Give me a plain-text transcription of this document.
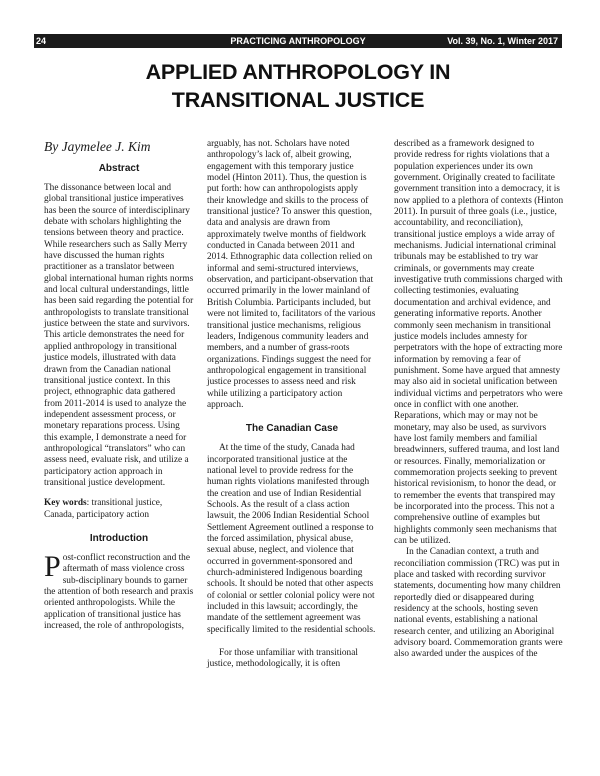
24	PRACTICING ANTHROPOLOGY	Vol. 39, No. 1, Winter 2017
APPLIED ANTHROPOLOGY IN
TRANSITIONAL JUSTICE
By Jaymelee J. Kim
Abstract

The dissonance between local and global transitional justice imperatives has been the source of interdisciplinary debate with scholars highlighting the tensions between theory and practice. While researchers such as Sally Merry have discussed the human rights practitioner as a translator between global international human rights norms and local cultural understandings, little has been said regarding the potential for anthropologists to translate transitional justice between the state and survivors. This article demonstrates the need for applied anthropology in transitional justice models, illustrated with data drawn from the Canadian national transitional justice context. In this project, ethnographic data gathered from 2011-2014 is used to analyze the independent assessment process, or monetary reparations process. Using this example, I demonstrate a need for anthropological “translators” who can assess need, evaluate risk, and utilize a participatory action approach in transitional justice development.

Key words: transitional justice, Canada, participatory action

Introduction

Post-conflict reconstruction and the aftermath of mass violence cross sub-disciplinary bounds to garner the attention of both research and praxis oriented anthropologists. While the application of transitional justice has increased, the role of anthropologists,

arguably, has not. Scholars have noted anthropology’s lack of, albeit growing, engagement with this temporary justice model (Hinton 2011). Thus, the question is put forth: how can anthropologists apply their knowledge and skills to the process of transitional justice? To answer this question, data and analysis are drawn from approximately twelve months of fieldwork conducted in Canada between 2011 and 2014. Ethnographic data collection relied on informal and semi-structured interviews, observation, and participant-observation that occurred primarily in the lower mainland of British Columbia. Participants included, but were not limited to, facilitators of the various transitional justice mechanisms, religious leaders, Indigenous community leaders and members, and a number of grass-roots organizations. Findings suggest the need for anthropological engagement in transitional justice processes to assess need and risk while utilizing a participatory action approach.

The Canadian Case

At the time of the study, Canada had incorporated transitional justice at the national level to provide redress for the human rights violations manifested through the creation and use of Indian Residential Schools. As the result of a class action lawsuit, the 2006 Indian Residential School Settlement Agreement outlined a response to the forced assimilation, physical abuse, sexual abuse, neglect, and violence that occurred in government-sponsored and church-administered Indigenous boarding schools. It should be noted that other aspects of colonial or settler colonial policy were not included in this lawsuit; accordingly, the mandate of the settlement agreement was specifically limited to the residential schools.

For those unfamiliar with transitional justice, methodologically, it is often

described as a framework designed to provide redress for rights violations that a population experiences under its own government. Originally created to facilitate government transition into a democracy, it is now applied to a plethora of contexts (Hinton 2011). In pursuit of three goals (i.e., justice, accountability, and reconciliation), transitional justice employs a wide array of mechanisms. Judicial international criminal tribunals may be established to try war criminals, or governments may create investigative truth commissions charged with collecting testimonies, evaluating documentation and archival evidence, and generating informative reports. Another commonly seen mechanism in transitional justice models includes amnesty for perpetrators with the hope of extracting more information by removing a fear of punishment. Some have argued that amnesty may also aid in societal unification between individual victims and perpetrators who were once in conflict with one another. Reparations, which may or may not be monetary, may also be used, as survivors have lost family members and familial breadwinners, suffered trauma, and lost land or resources. Finally, memorialization or commemoration projects seeking to prevent historical revisionism, to honor the dead, or to remember the events that transpired may be incorporated into the process. This not a comprehensive outline of examples but highlights commonly seen mechanisms that can be utilized.

In the Canadian context, a truth and reconciliation commission (TRC) was put in place and tasked with recording survivor statements, documenting how many children reportedly died or disappeared during residency at the schools, hosting seven national events, establishing a national research center, and utilizing an Aboriginal advisory board. Commemoration grants were also awarded under the auspices of the
